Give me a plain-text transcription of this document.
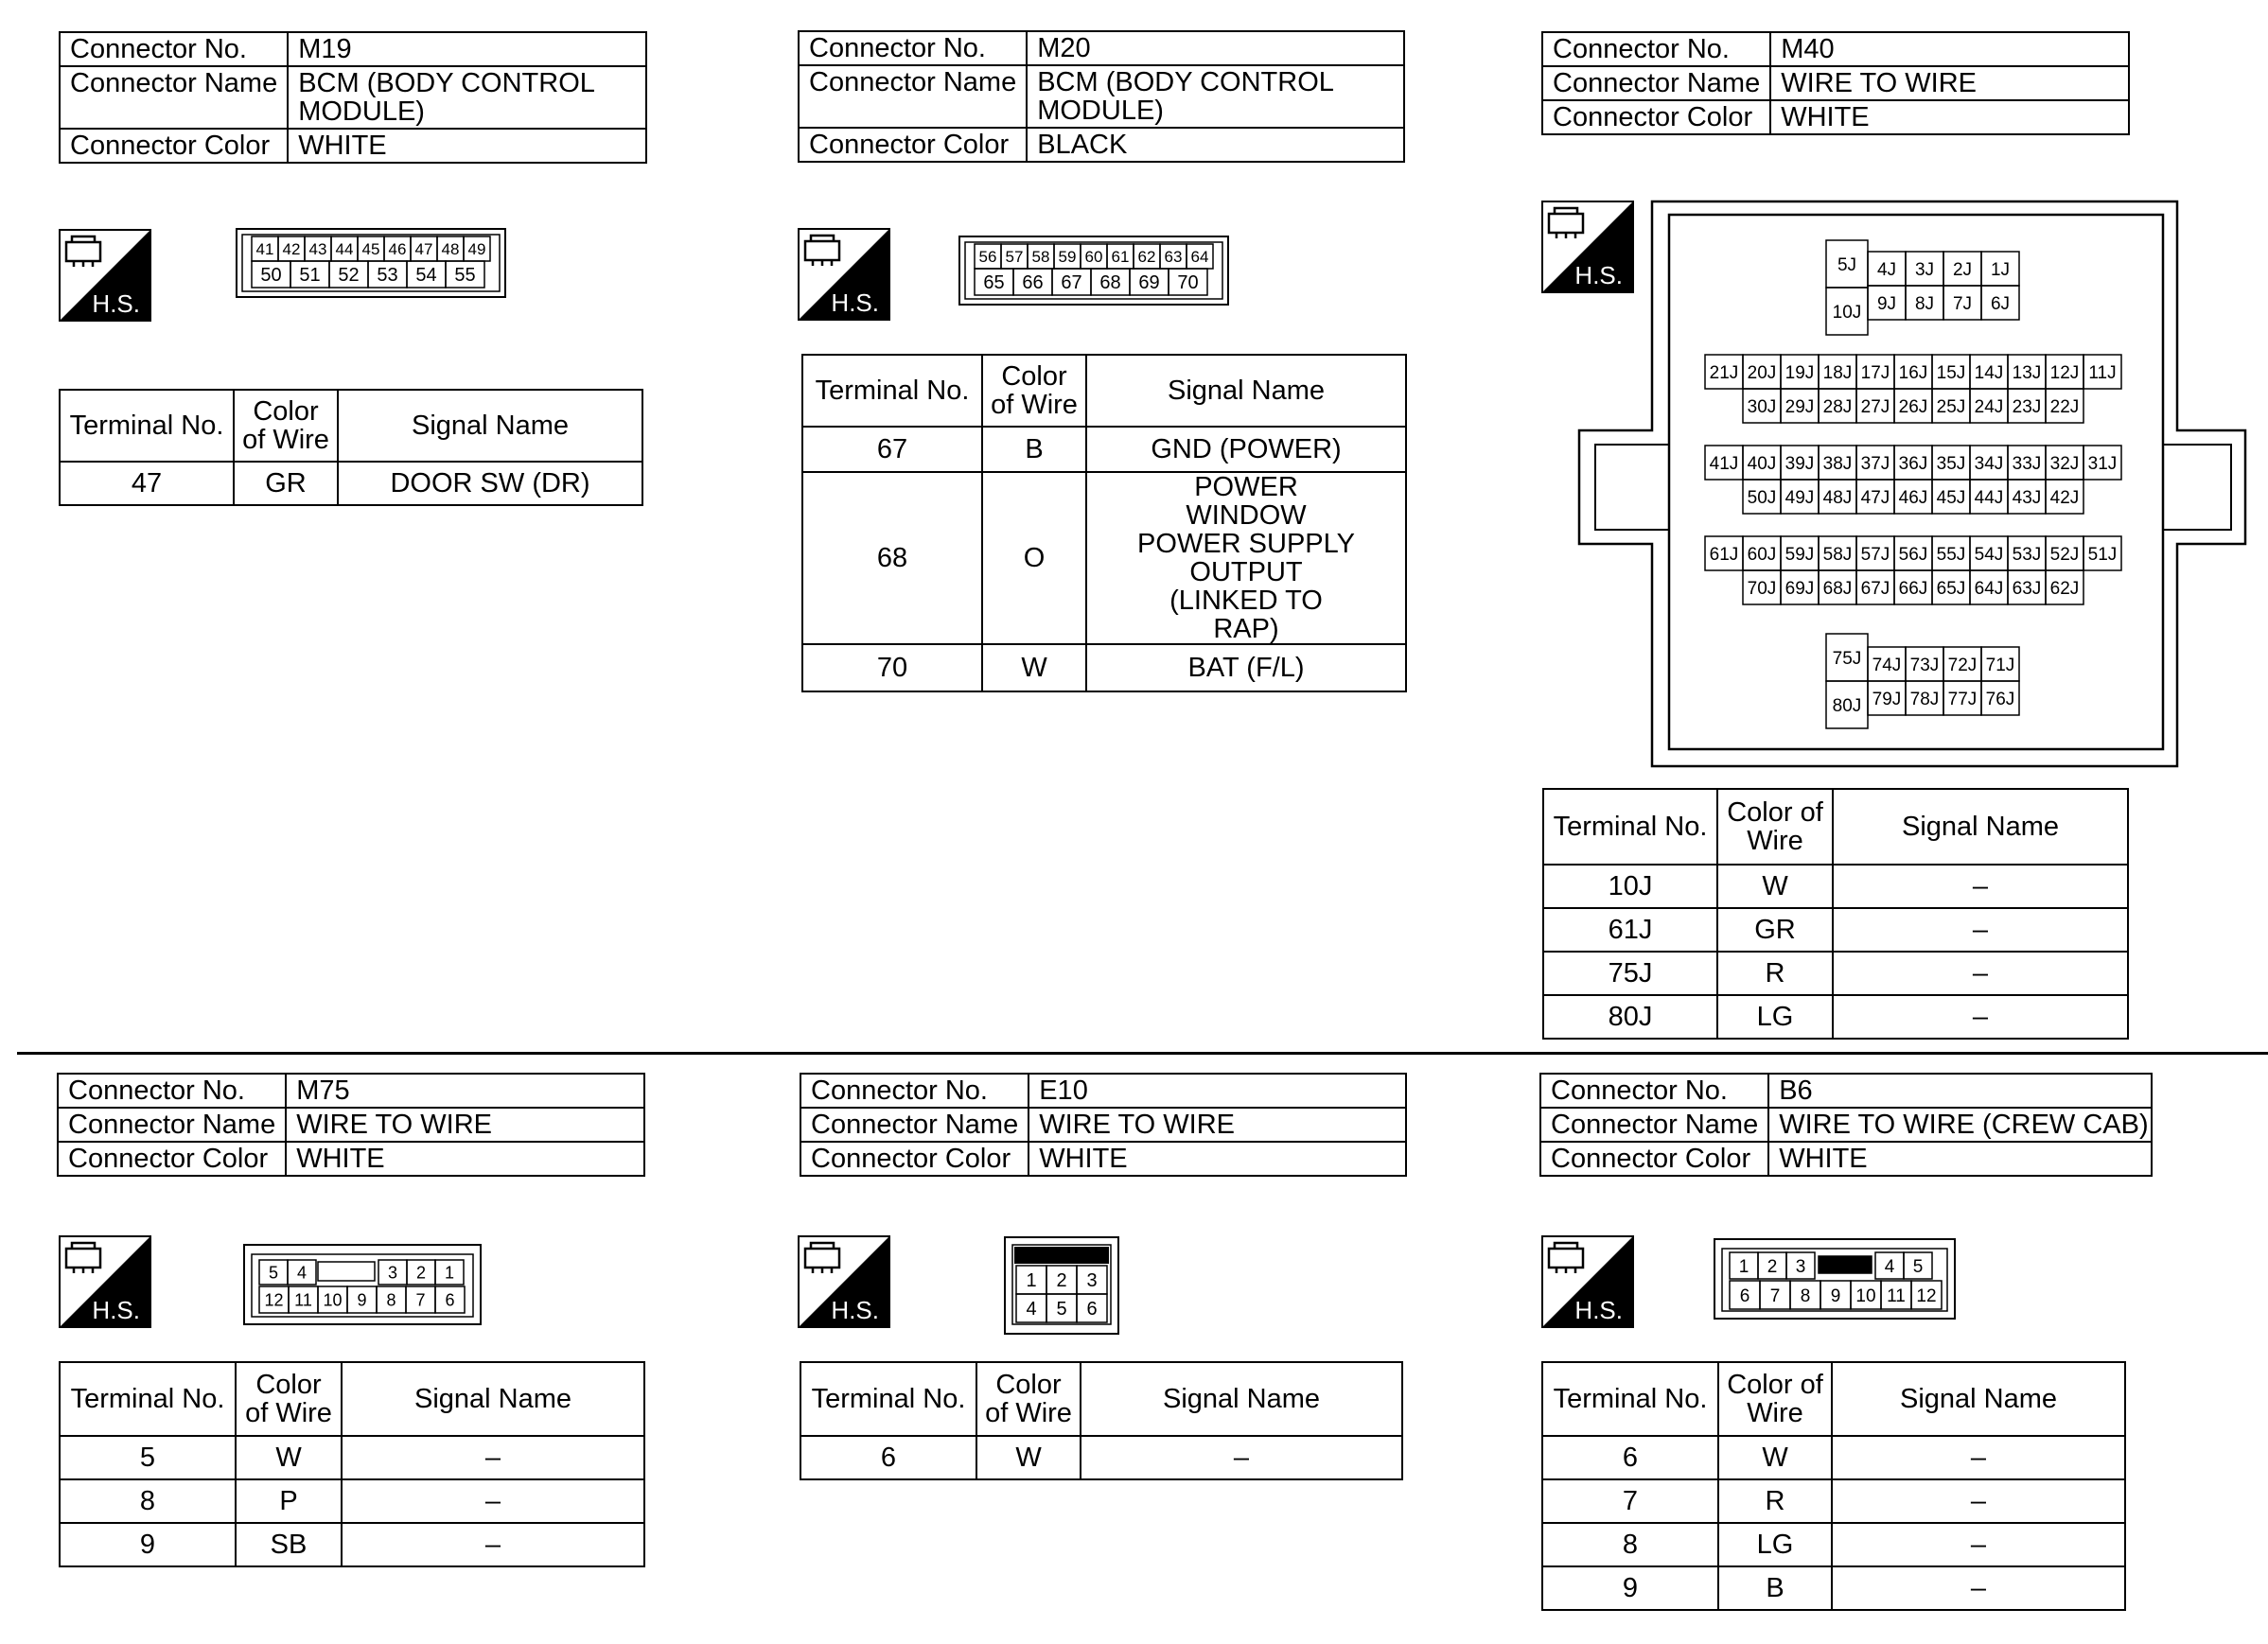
Connector No.	M19
Connector Name	BCM (BODY CONTROL MODULE)
Connector Color	WHITE
H.S.
41 42 43 44 45 46 47 48 49
50 51 52 53 54 55
Terminal No.	Color of Wire	Signal Name
47	GR	DOOR SW (DR)
Connector No.	M20
Connector Name	BCM (BODY CONTROL MODULE)
Connector Color	BLACK
H.S.
56 57 58 59 60 61 62 63 64
65 66 67 68 69 70
Terminal No.	Color of Wire	Signal Name
67	B	GND (POWER)
68	O	POWER WINDOW POWER SUPPLY OUTPUT (LINKED TO RAP)
70	W	BAT (F/L)
Connector No.	M40
Connector Name	WIRE TO WIRE
Connector Color	WHITE
H.S.	5J
10J
4J 3J 2J 1J
9J 8J 7J 6J
21J 20J 19J 18J 17J 16J 15J 14J 13J 12J 11J
30J 29J 28J 27J 26J 25J 24J 23J 22J
41J 40J 39J 38J 37J 36J 35J 34J 33J 32J 31J
50J 49J 48J 47J 46J 45J 44J 43J 42J
61J 60J 59J 58J 57J 56J 55J 54J 53J 52J 51J
70J 69J 68J 67J 66J 65J 64J 63J 62J
75J
80J
74J 73J 72J 71J
79J 78J 77J 76J
Terminal No.	Color of Wire	Signal Name
10J	W	–
61J	GR	–
75J	R	–
80J	LG	–
Connector No.	M75
Connector Name	WIRE TO WIRE
Connector Color	WHITE
H.S.
5 4	3 2 1
12 11 10 9 8 7 6
Terminal No.	Color of Wire	Signal Name
5	W	–
8	P	–
9	SB	–
Connector No.	E10
Connector Name	WIRE TO WIRE
Connector Color	WHITE
H.S.
1 2 3
4 5 6
Terminal No.	Color of Wire	Signal Name
6	W	–
Connector No.	B6
Connector Name	WIRE TO WIRE (CREW CAB)
Connector Color	WHITE
H.S.
1 2 3	4 5
6 7 8 9 10 11 12
Terminal No.	Color of Wire	Signal Name
6	W	–
7	R	–
8	LG	–
9	B	–
